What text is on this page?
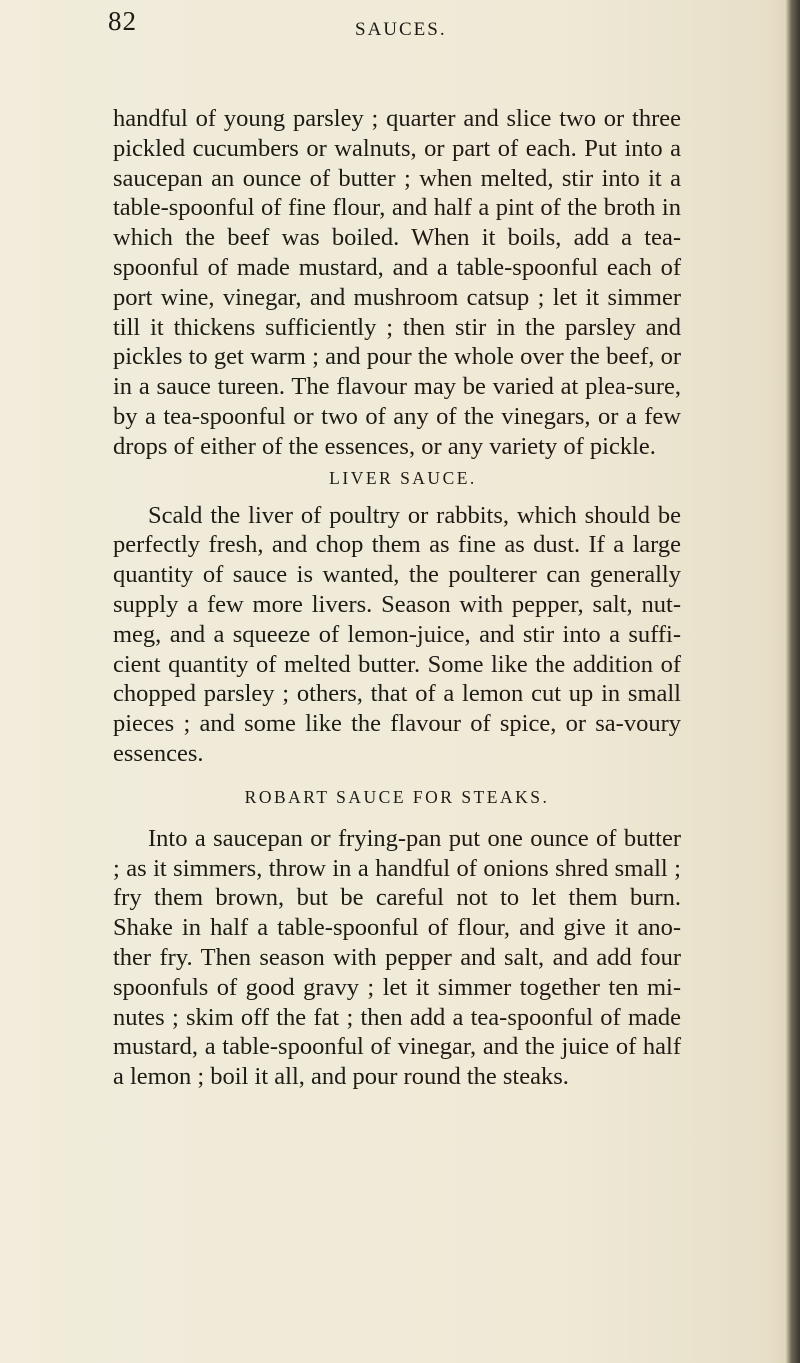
82	SAUCES.

handful of young parsley ; quarter and slice two or three pickled cucumbers or walnuts, or part of each. Put into a saucepan an ounce of butter ; when melted, stir into it a table-spoonful of fine flour, and half a pint of the broth in which the beef was boiled. When it boils, add a tea-spoonful of made mustard, and a table-spoonful each of port wine, vinegar, and mushroom catsup ; let it simmer till it thickens sufficiently ; then stir in the parsley and pickles to get warm ; and pour the whole over the beef, or in a sauce tureen. The flavour may be varied at plea-sure, by a tea-spoonful or two of any of the vinegars, or a few drops of either of the essences, or any variety of pickle.

LIVER SAUCE.

Scald the liver of poultry or rabbits, which should be perfectly fresh, and chop them as fine as dust. If a large quantity of sauce is wanted, the poulterer can generally supply a few more livers. Season with pepper, salt, nut-meg, and a squeeze of lemon-juice, and stir into a suffi-cient quantity of melted butter. Some like the addition of chopped parsley ; others, that of a lemon cut up in small pieces ; and some like the flavour of spice, or sa-voury essences.

ROBART SAUCE FOR STEAKS.

Into a saucepan or frying-pan put one ounce of butter ; as it simmers, throw in a handful of onions shred small ; fry them brown, but be careful not to let them burn. Shake in half a table-spoonful of flour, and give it ano-ther fry. Then season with pepper and salt, and add four spoonfuls of good gravy ; let it simmer together ten mi-nutes ; skim off the fat ; then add a tea-spoonful of made mustard, a table-spoonful of vinegar, and the juice of half a lemon ; boil it all, and pour round the steaks.
